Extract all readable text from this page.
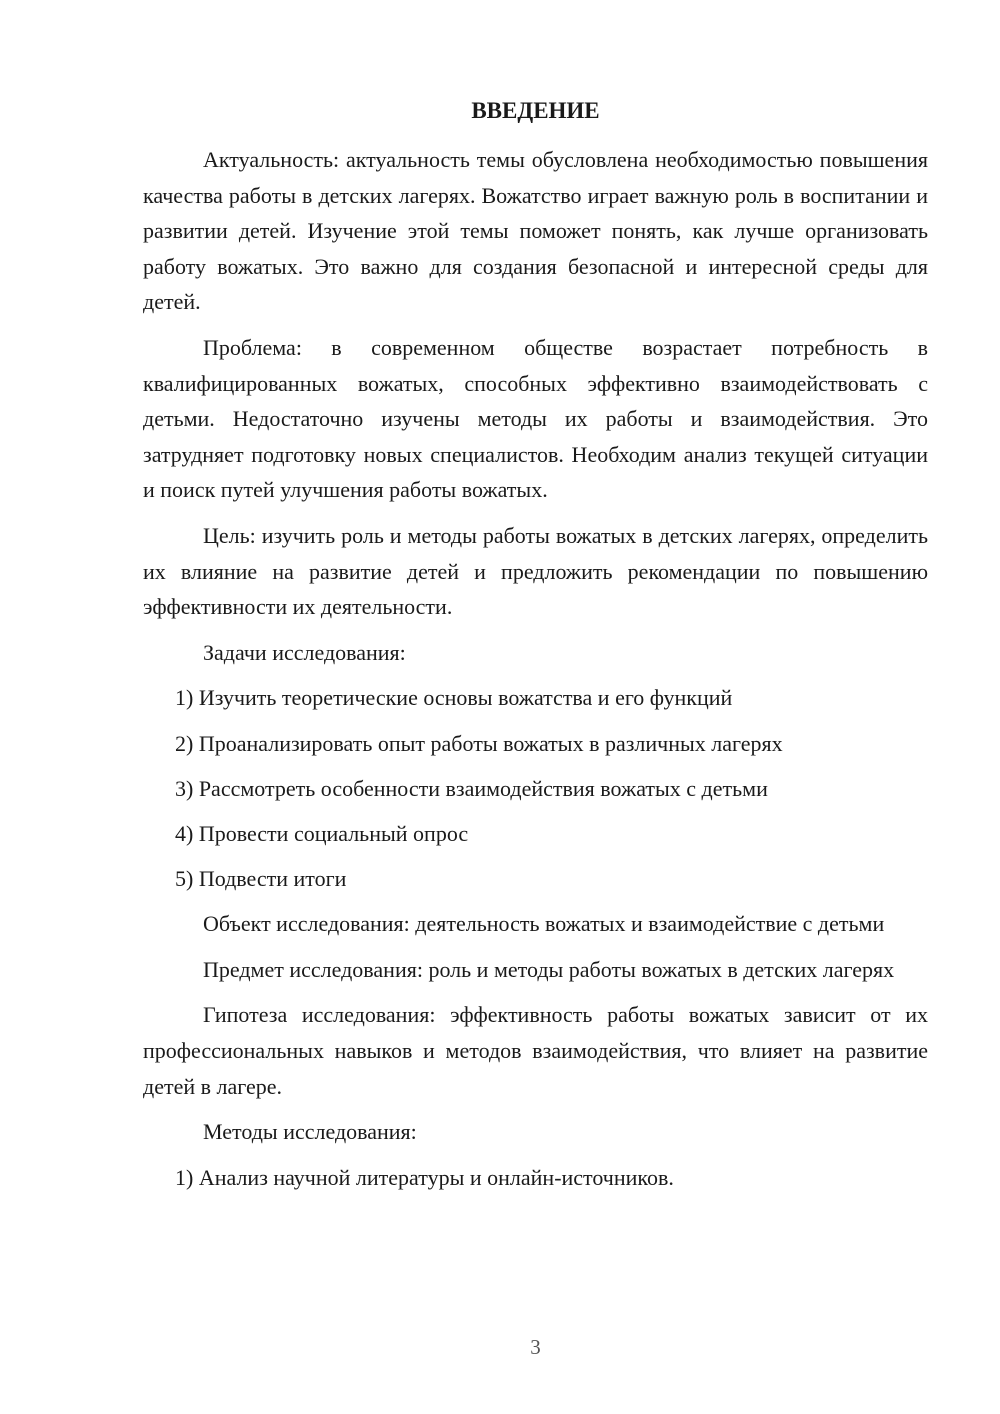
ВВЕДЕНИЕ

Актуальность: актуальность темы обусловлена необходимостью повышения качества работы в детских лагерях. Вожатство играет важную роль в воспитании и развитии детей. Изучение этой темы поможет понять, как лучше организовать работу вожатых. Это важно для создания безопасной и интересной среды для детей.

Проблема: в современном обществе возрастает потребность в квалифицированных вожатых, способных эффективно взаимодействовать с детьми. Недостаточно изучены методы их работы и взаимодействия. Это затрудняет подготовку новых специалистов. Необходим анализ текущей ситуации и поиск путей улучшения работы вожатых.

Цель: изучить роль и методы работы вожатых в детских лагерях, определить их влияние на развитие детей и предложить рекомендации по повышению эффективности их деятельности.

Задачи исследования:

1) Изучить теоретические основы вожатства и его функций

2) Проанализировать опыт работы вожатых в различных лагерях

3) Рассмотреть особенности взаимодействия вожатых с детьми

4) Провести социальный опрос

5) Подвести итоги

Объект исследования: деятельность вожатых и взаимодействие с детьми

Предмет исследования: роль и методы работы вожатых в детских лагерях

Гипотеза исследования: эффективность работы вожатых зависит от их профессиональных навыков и методов взаимодействия, что влияет на развитие детей в лагере.

Методы исследования:

1) Анализ научной литературы и онлайн-источников.

3
